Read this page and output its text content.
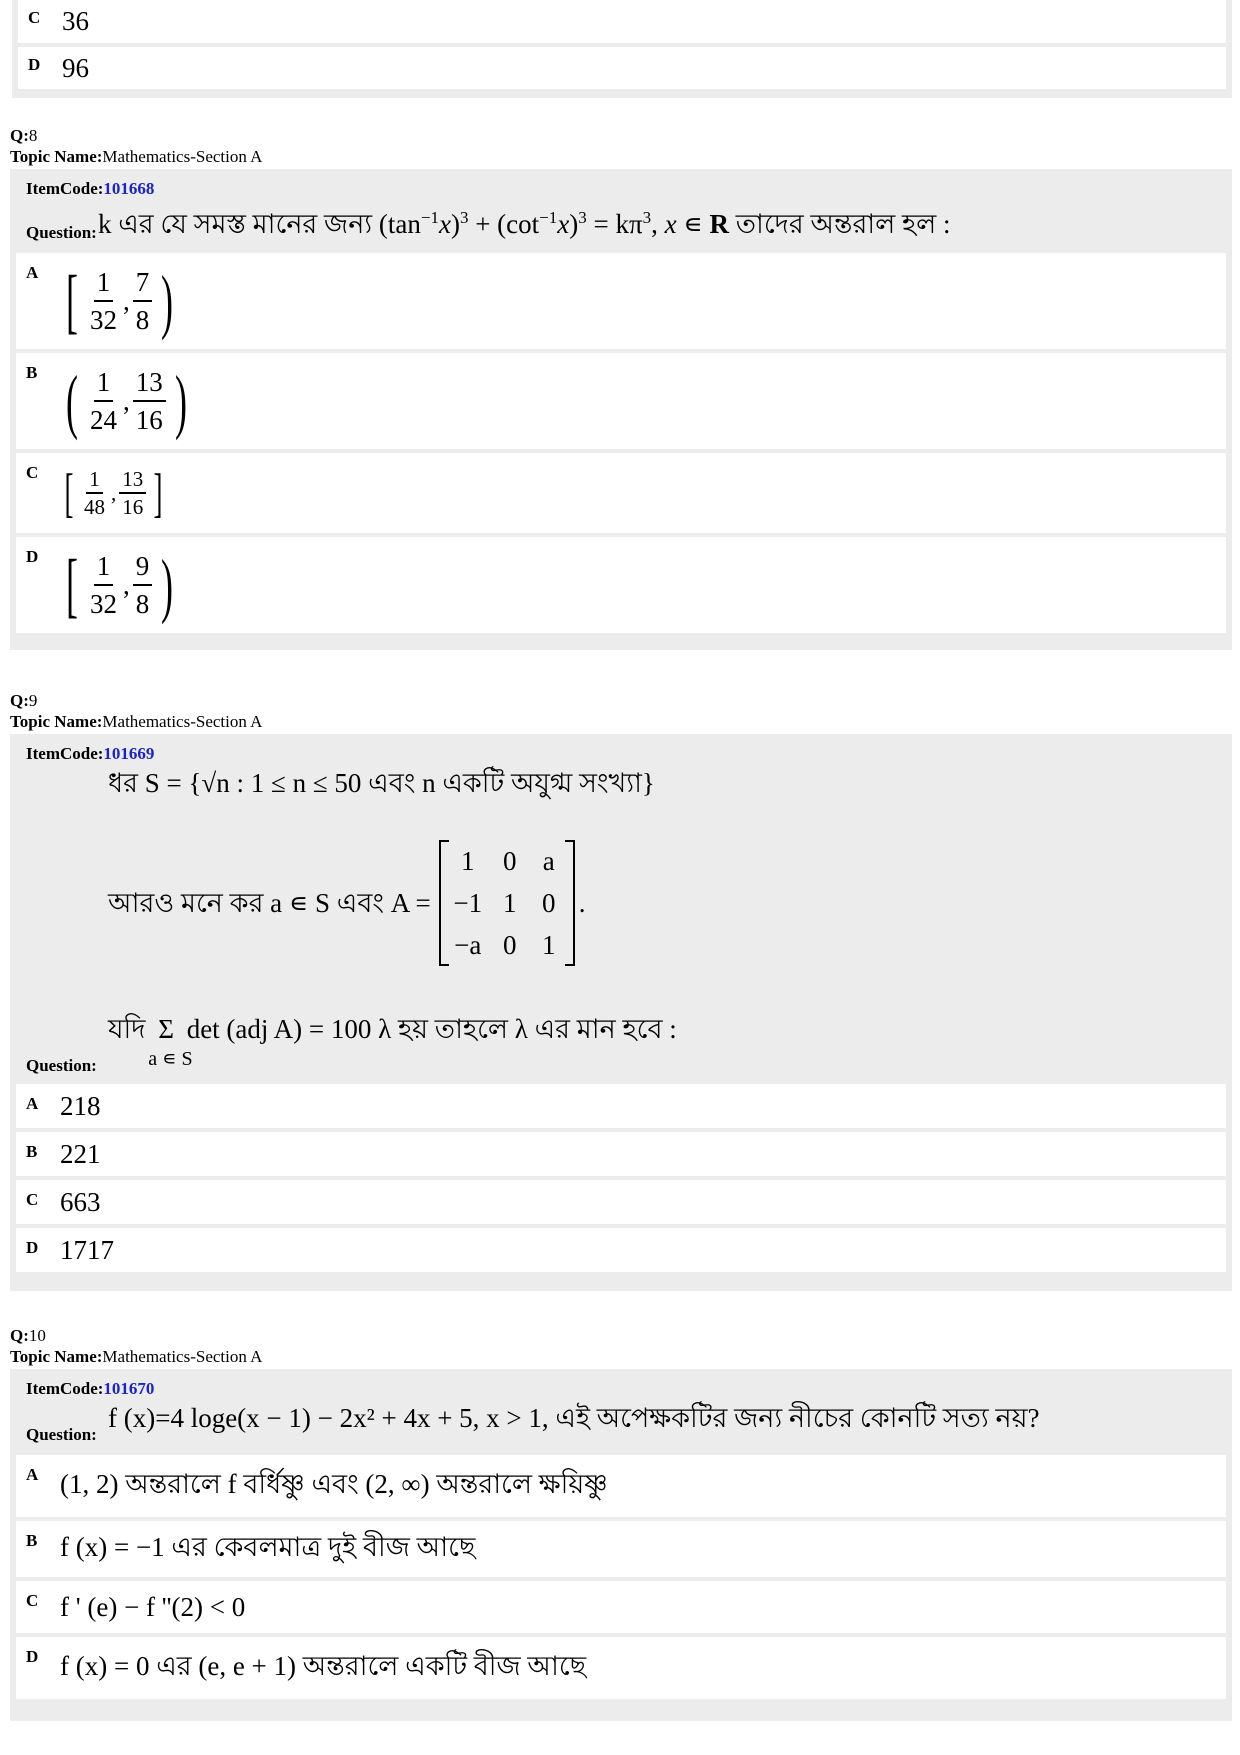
C 36
D 96
Q:8
Topic Name:Mathematics-Section A
ItemCode:101668
Question: k এর যে সমস্ত মানের জন্য $(\tan^{-1}x)^3 + (\cot^{-1}x)^3 = k\pi^3$, x ∊ R তাদের অন্তরাল হল :
A [ $\frac{1}{32}$ , $\frac{7}{8}$ )
B ( $\frac{1}{24}$ , $\frac{13}{16}$ )
C [ $\frac{1}{48}$ , $\frac{13}{16}$ ]
D [ $\frac{1}{32}$ , $\frac{9}{8}$ )
Q:9
Topic Name:Mathematics-Section A
ItemCode:101669
ধর S = {√n : 1 ≤ n ≤ 50 এবং n একটি অযুগ্ম সংখ্যা}
আরও মনে কর a ∊ S এবং A =
1	0 a
−1 1 0
−a 0 1
.
যদি Σ
a ∊ S
det (adj A) = 100 λ হয় তাহলে λ এর মান হবে :
Question:
A 218
B 221
C 663
D 1717
Q:10
Topic Name:Mathematics-Section A
ItemCode:101670
Question:
f (x)=4 loge(x − 1) − 2x² + 4x + 5, x > 1, এই অপেক্ষকটির জন্য নীচের কোনটি সত্য নয়?
A (1, 2) অন্তরালে f বর্ধিষ্ণু এবং (2, ∞) অন্তরালে ক্ষয়িষ্ণু
B f (x) = −1 এর কেবলমাত্র দুই বীজ আছে
C f ' (e) − f ''(2) < 0
D f (x) = 0 এর (e, e + 1) অন্তরালে একটি বীজ আছে
